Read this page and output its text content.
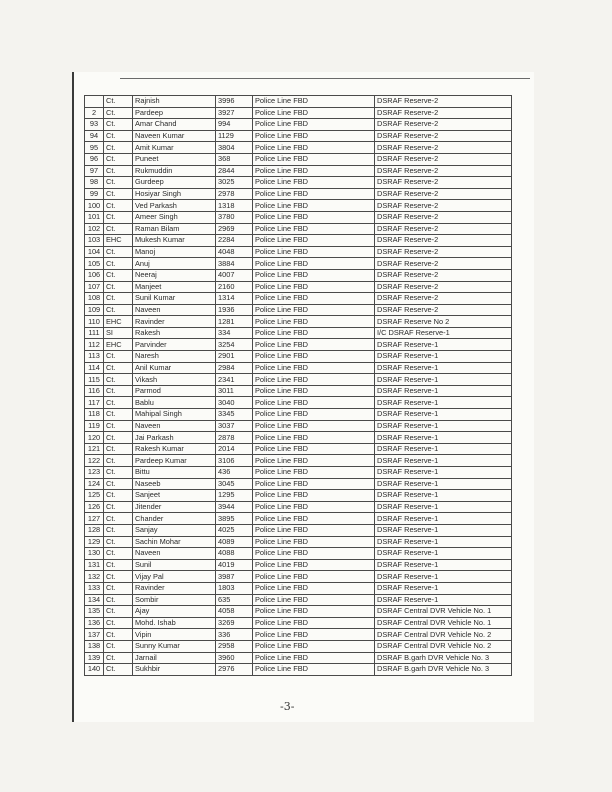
	Ct.	Rajnish	3996	Police Line FBD	DSRAF Reserve-2
2	Ct.	Pardeep	3927	Police Line FBD	DSRAF Reserve-2
93	Ct.	Amar Chand	994	Police Line FBD	DSRAF Reserve-2
94	Ct.	Naveen Kumar	1129	Police Line FBD	DSRAF Reserve-2
95	Ct.	Amit Kumar	3804	Police Line FBD	DSRAF Reserve-2
96	Ct.	Puneet	368	Police Line FBD	DSRAF Reserve-2
97	Ct.	Rukmuddin	2844	Police Line FBD	DSRAF Reserve-2
98	Ct.	Gurdeep	3025	Police Line FBD	DSRAF Reserve-2
99	Ct.	Hosiyar Singh	2978	Police Line FBD	DSRAF Reserve-2
100	Ct.	Ved Parkash	1318	Police Line FBD	DSRAF Reserve-2
101	Ct.	Ameer Singh	3780	Police Line FBD	DSRAF Reserve-2
102	Ct.	Raman Bilam	2969	Police Line FBD	DSRAF Reserve-2
103	EHC	Mukesh Kumar	2284	Police Line FBD	DSRAF Reserve-2
104	Ct.	Manoj	4048	Police Line FBD	DSRAF Reserve-2
105	Ct.	Anuj	3884	Police Line FBD	DSRAF Reserve-2
106	Ct.	Neeraj	4007	Police Line FBD	DSRAF Reserve-2
107	Ct.	Manjeet	2160	Police Line FBD	DSRAF Reserve-2
108	Ct.	Sunil Kumar	1314	Police Line FBD	DSRAF Reserve-2
109	Ct.	Naveen	1936	Police Line FBD	DSRAF Reserve-2
110	EHC	Ravinder	1281	Police Line FBD	DSRAF Reserve No 2
111	SI	Rakesh	334	Police Line FBD	I/C DSRAF Reserve-1
112	EHC	Parvinder	3254	Police Line FBD	DSRAF Reserve-1
113	Ct.	Naresh	2901	Police Line FBD	DSRAF Reserve-1
114	Ct.	Anil Kumar	2984	Police Line FBD	DSRAF Reserve-1
115	Ct.	Vikash	2341	Police Line FBD	DSRAF Reserve-1
116	Ct.	Parmod	3011	Police Line FBD	DSRAF Reserve-1
117	Ct.	Bablu	3040	Police Line FBD	DSRAF Reserve-1
118	Ct.	Mahipal Singh	3345	Police Line FBD	DSRAF Reserve-1
119	Ct.	Naveen	3037	Police Line FBD	DSRAF Reserve-1
120	Ct.	Jai Parkash	2878	Police Line FBD	DSRAF Reserve-1
121	Ct.	Rakesh Kumar	2014	Police Line FBD	DSRAF Reserve-1
122	Ct.	Pardeep Kumar	3106	Police Line FBD	DSRAF Reserve-1
123	Ct.	Bittu	436	Police Line FBD	DSRAF Reserve-1
124	Ct.	Naseeb	3045	Police Line FBD	DSRAF Reserve-1
125	Ct.	Sanjeet	1295	Police Line FBD	DSRAF Reserve-1
126	Ct.	Jitender	3944	Police Line FBD	DSRAF Reserve-1
127	Ct.	Chander	3895	Police Line FBD	DSRAF Reserve-1
128	Ct.	Sanjay	4025	Police Line FBD	DSRAF Reserve-1
129	Ct.	Sachin Mohar	4089	Police Line FBD	DSRAF Reserve-1
130	Ct.	Naveen	4088	Police Line FBD	DSRAF Reserve-1
131	Ct.	Sunil	4019	Police Line FBD	DSRAF Reserve-1
132	Ct.	Vijay Pal	3987	Police Line FBD	DSRAF Reserve-1
133	Ct.	Ravinder	1803	Police Line FBD	DSRAF Reserve-1
134	Ct.	Sombir	635	Police Line FBD	DSRAF Reserve-1
135	Ct.	Ajay	4058	Police Line FBD	DSRAF Central DVR Vehicle No. 1
136	Ct.	Mohd. Ishab	3269	Police Line FBD	DSRAF Central DVR Vehicle No. 1
137	Ct.	Vipin	336	Police Line FBD	DSRAF Central DVR Vehicle No. 2
138	Ct.	Sunny Kumar	2958	Police Line FBD	DSRAF Central DVR Vehicle No. 2
139	Ct.	Jarnail	3960	Police Line FBD	DSRAF B.garh DVR Vehicle No. 3
140	Ct.	Sukhbir	2976	Police Line FBD	DSRAF B.garh DVR Vehicle No. 3
-3-
